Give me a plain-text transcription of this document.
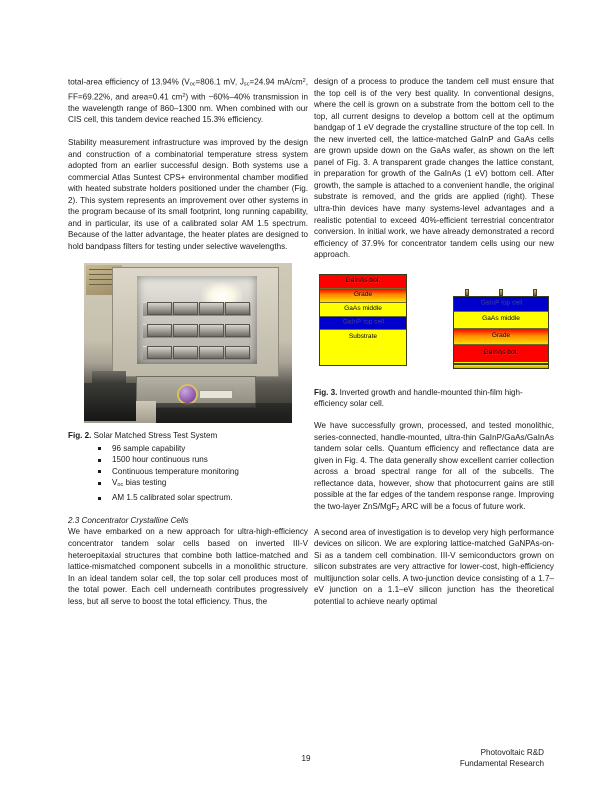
total-area efficiency of 13.94% ($V_{oc}=806.1$ mV, $J_{sc}=24.94$ $mA/cm^2$, FF=69.22%, and area=0.41 $cm^2$) with ~60%–40% transmission in the wavelength range of 860–1300 nm. When combined with our CIS cell, this tandem device reached 15.3% efficiency.

Stability measurement infrastructure was improved by the design and construction of a combinatorial temperature stress system adopted from an earlier successful design. Both systems use a commercial Atlas Suntest CPS+ environmental chamber modified with heated substrate holders positioned under the chamber (Fig. 2). This system represents an improvement over other systems in the program because of its small footprint, long running capability, and in particular, its use of a calibrated solar AM 1.5 spectrum. Because of the latter advantage, the heater plates are designed to hold bandpass filters for testing under selective wavelengths.

Fig. 2. Solar Matched Stress Test System

96 sample capability
1500 hour continuous runs
Continuous temperature monitoring
$V_{oc}$ bias testing
AM 1.5 calibrated solar spectrum.

2.3 Concentrator Crystalline Cells

We have embarked on a new approach for ultra-high-efficiency concentrator tandem solar cells based on inverted III-V heteroepitaxial structures that combine both lattice-matched and lattice-mismatched component subcells in a monolithic structure. In an ideal tandem solar cell, the top solar cell produces most of the total power. Each cell underneath contributes progressively less, but all serve to boost the total efficiency. Thus, the

design of a process to produce the tandem cell must ensure that the top cell is of the very best quality. In conventional designs, where the cell is grown on a substrate from the bottom cell to the top, all current designs to develop a bottom cell at the optimum bandgap of 1 eV degrade the crystalline structure of the top cell. In the new inverted cell, the lattice-matched GaInP and GaAs cells are grown upside down on the GaAs wafer, as shown on the left panel of Fig. 3. A transparent grade changes the lattice constant, in preparation for growth of the GaInAs (1 eV) bottom cell. After growth, the sample is attached to a convenient handle, the original substrate is removed, and the grids are applied (right). These ultra-thin devices have many systems-level advantages and a realistic potential to exceed 40%-efficient terrestrial concentrator conversion. In initial work, we have already demonstrated a record efficiency of 37.9% for concentrator tandem cells using our new approach.

GaInAs bot.
Grade
GaAs middle
GaInP top cell
Substrate
GaInP top cell
GaAs middle
Grade
GaInAs bot.

Fig. 3. Inverted growth and handle-mounted thin-film high-efficiency solar cell.

We have successfully grown, processed, and tested monolithic, series-connected, handle-mounted, ultra-thin GaInP/GaAs/GaInAs tandem solar cells. Quantum efficiency and reflectance data are given in Fig. 4. The data generally show excellent carrier collection across a broad spectral range for all of the subcells. The reflectance data, however, show that photocurrent gains are still possible at the far edges of the tandem response range. Improving the two-layer ZnS/MgF$_2$ ARC will be a focus of future work.

A second area of investigation is to develop very high performance devices on silicon. We are exploring lattice-matched GaNPAs-on-Si as a tandem cell combination. III-V semiconductors grown on silicon substrates are very attractive for lower-cost, high-efficiency multijunction solar cells. A two-junction device consisting of a 1.7–eV junction on a 1.1–eV silicon junction has the theoretical potential to achieve nearly optimal

19
Photovoltaic R&D
Fundamental Research
